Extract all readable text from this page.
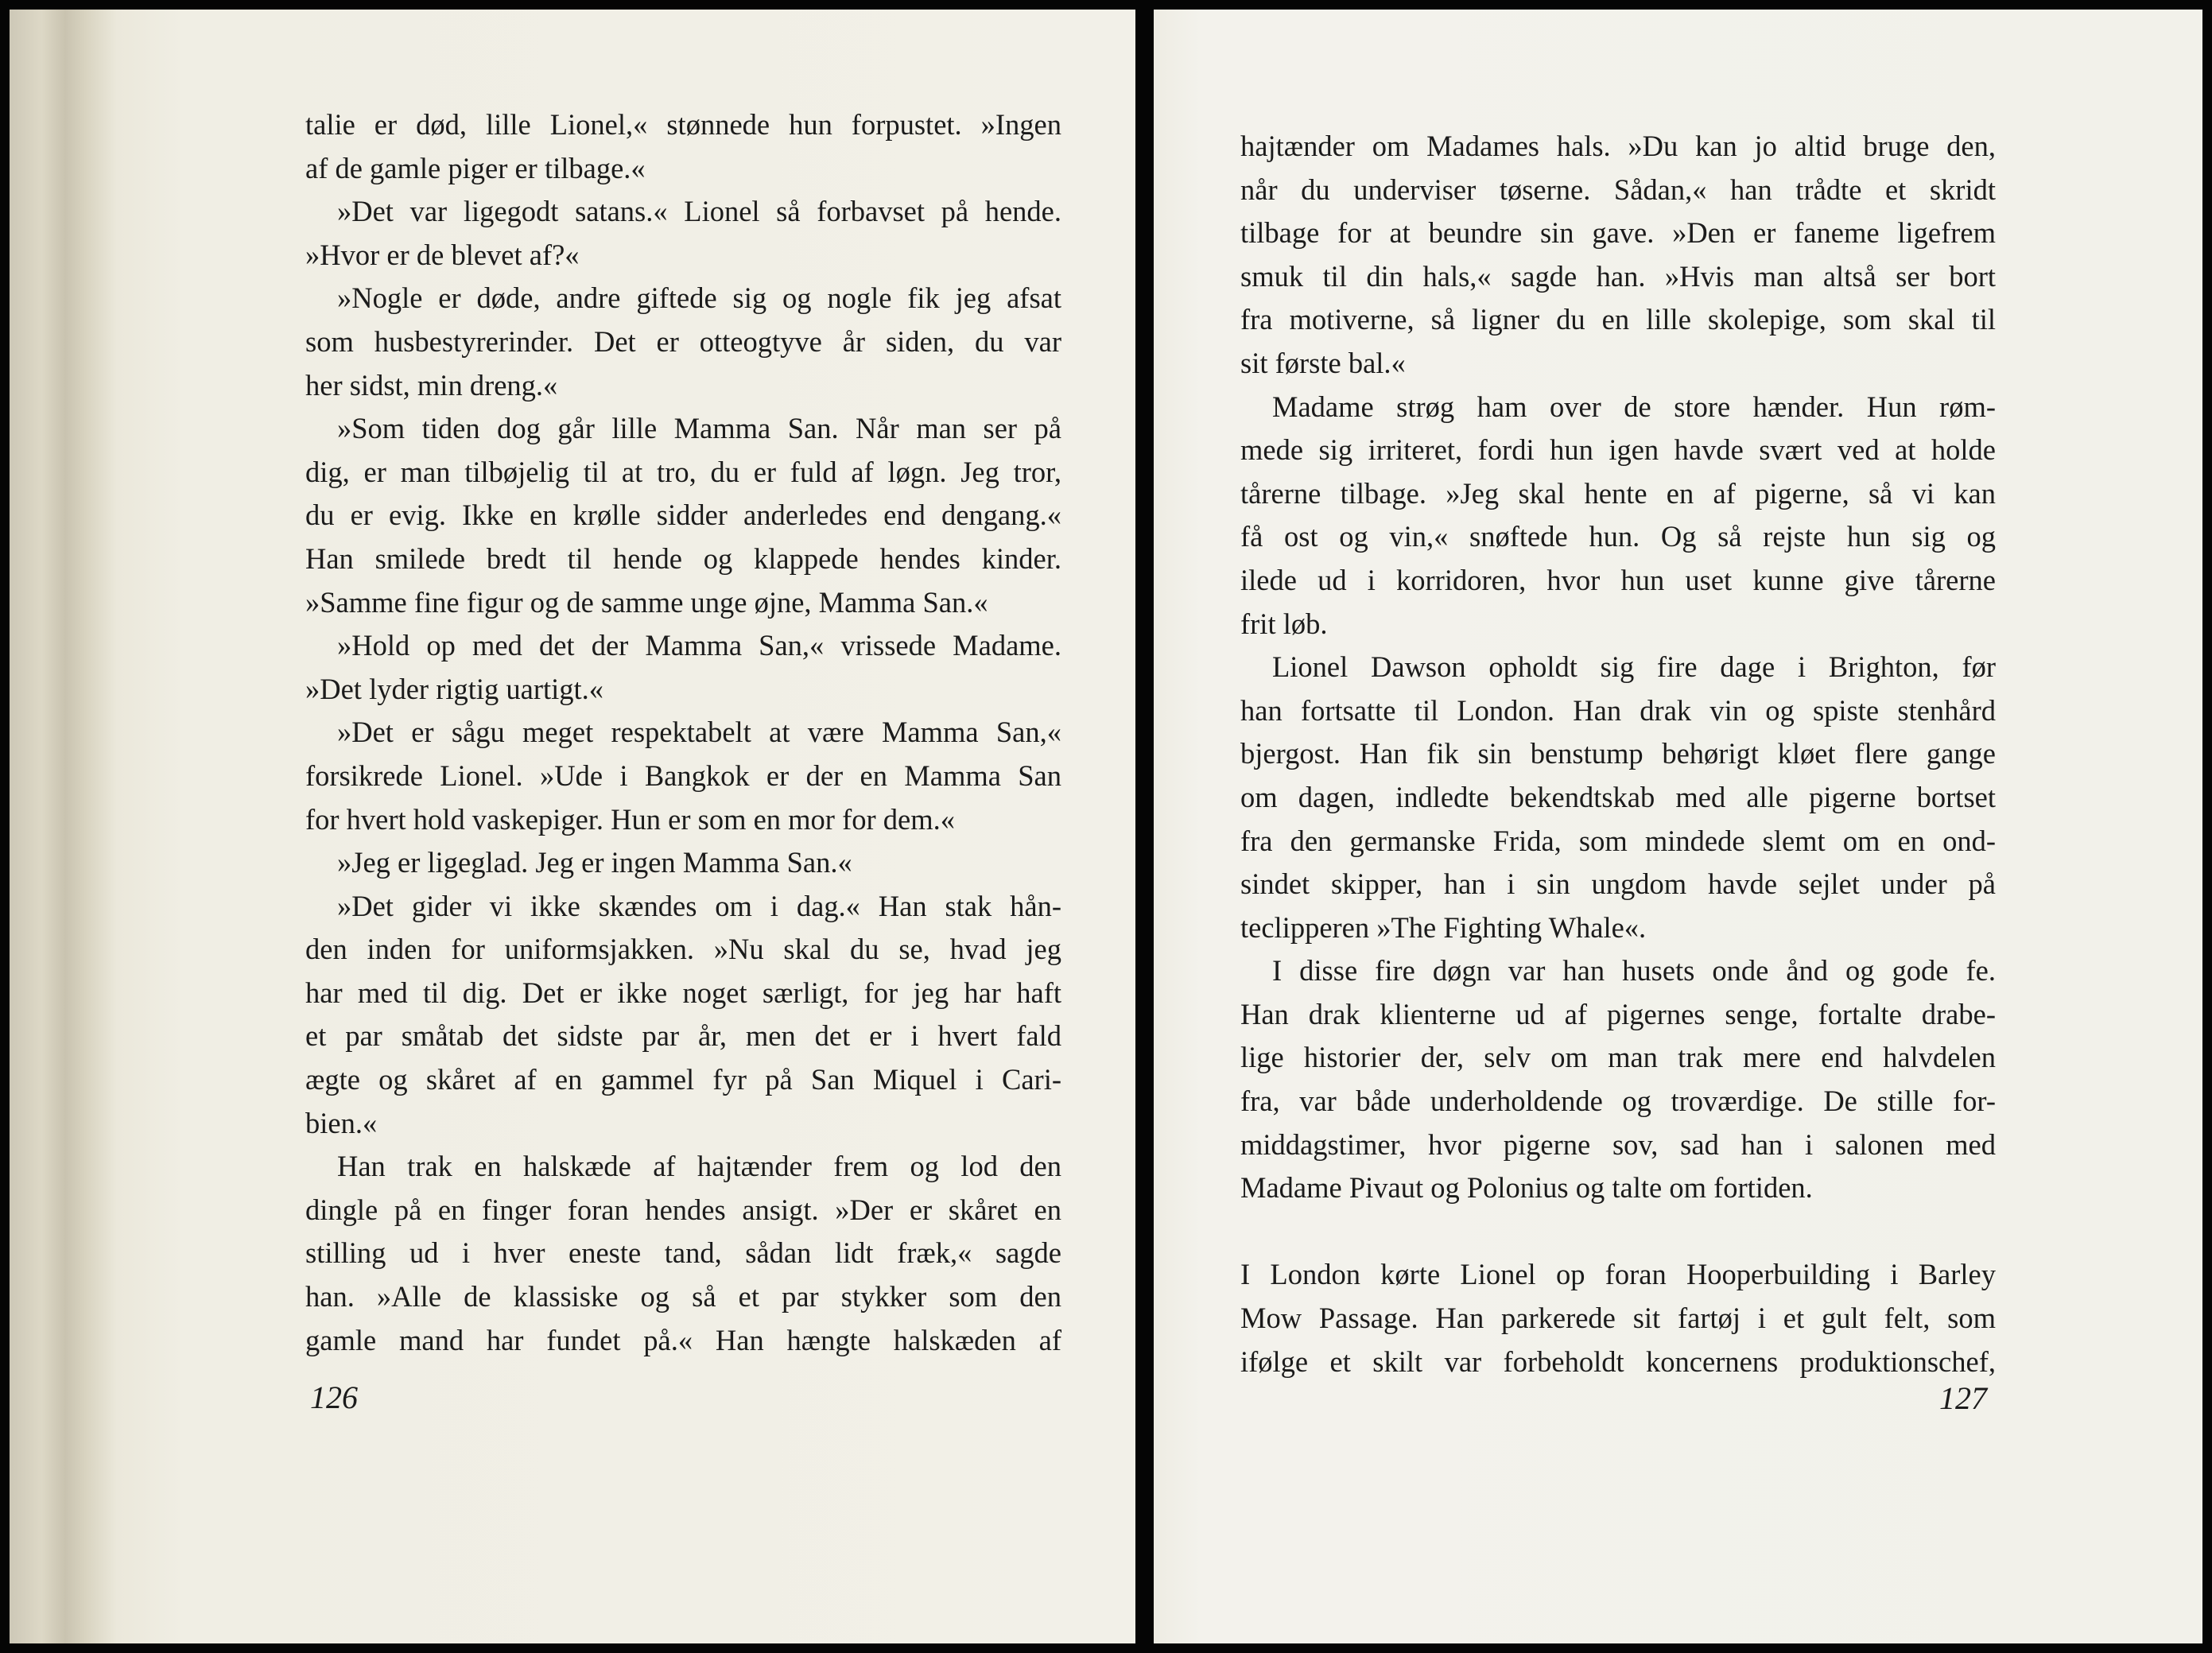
talie er død, lille Lionel,« stønnede hun forpustet. »Ingen
af de gamle piger er tilbage.«
»Det var ligegodt satans.« Lionel så forbavset på hende.
»Hvor er de blevet af?«
»Nogle er døde, andre giftede sig og nogle fik jeg afsat
som husbestyrerinder. Det er otteogtyve år siden, du var
her sidst, min dreng.«
»Som tiden dog går lille Mamma San. Når man ser på
dig, er man tilbøjelig til at tro, du er fuld af løgn. Jeg tror,
du er evig. Ikke en krølle sidder anderledes end dengang.«
Han smilede bredt til hende og klappede hendes kinder.
»Samme fine figur og de samme unge øjne, Mamma San.«
»Hold op med det der Mamma San,« vrissede Madame.
»Det lyder rigtig uartigt.«
»Det er sågu meget respektabelt at være Mamma San,«
forsikrede Lionel. »Ude i Bangkok er der en Mamma San
for hvert hold vaskepiger. Hun er som en mor for dem.«
»Jeg er ligeglad. Jeg er ingen Mamma San.«
»Det gider vi ikke skændes om i dag.« Han stak hån-
den inden for uniformsjakken. »Nu skal du se, hvad jeg
har med til dig. Det er ikke noget særligt, for jeg har haft
et par småtab det sidste par år, men det er i hvert fald
ægte og skåret af en gammel fyr på San Miquel i Cari-
bien.«
Han trak en halskæde af hajtænder frem og lod den
dingle på en finger foran hendes ansigt. »Der er skåret en
stilling ud i hver eneste tand, sådan lidt fræk,« sagde
han. »Alle de klassiske og så et par stykker som den
gamle mand har fundet på.« Han hængte halskæden af
126
hajtænder om Madames hals. »Du kan jo altid bruge den,
når du underviser tøserne. Sådan,« han trådte et skridt
tilbage for at beundre sin gave. »Den er faneme ligefrem
smuk til din hals,« sagde han. »Hvis man altså ser bort
fra motiverne, så ligner du en lille skolepige, som skal til
sit første bal.«
Madame strøg ham over de store hænder. Hun røm-
mede sig irriteret, fordi hun igen havde svært ved at holde
tårerne tilbage. »Jeg skal hente en af pigerne, så vi kan
få ost og vin,« snøftede hun. Og så rejste hun sig og
ilede ud i korridoren, hvor hun uset kunne give tårerne
frit løb.
Lionel Dawson opholdt sig fire dage i Brighton, før
han fortsatte til London. Han drak vin og spiste stenhård
bjergost. Han fik sin benstump behørigt kløet flere gange
om dagen, indledte bekendtskab med alle pigerne bortset
fra den germanske Frida, som mindede slemt om en ond-
sindet skipper, han i sin ungdom havde sejlet under på
teclipperen »The Fighting Whale«.
I disse fire døgn var han husets onde ånd og gode fe.
Han drak klienterne ud af pigernes senge, fortalte drabe-
lige historier der, selv om man trak mere end halvdelen
fra, var både underholdende og troværdige. De stille for-
middagstimer, hvor pigerne sov, sad han i salonen med
Madame Pivaut og Polonius og talte om fortiden.
I London kørte Lionel op foran Hooperbuilding i Barley
Mow Passage. Han parkerede sit fartøj i et gult felt, som
ifølge et skilt var forbeholdt koncernens produktionschef,
127
